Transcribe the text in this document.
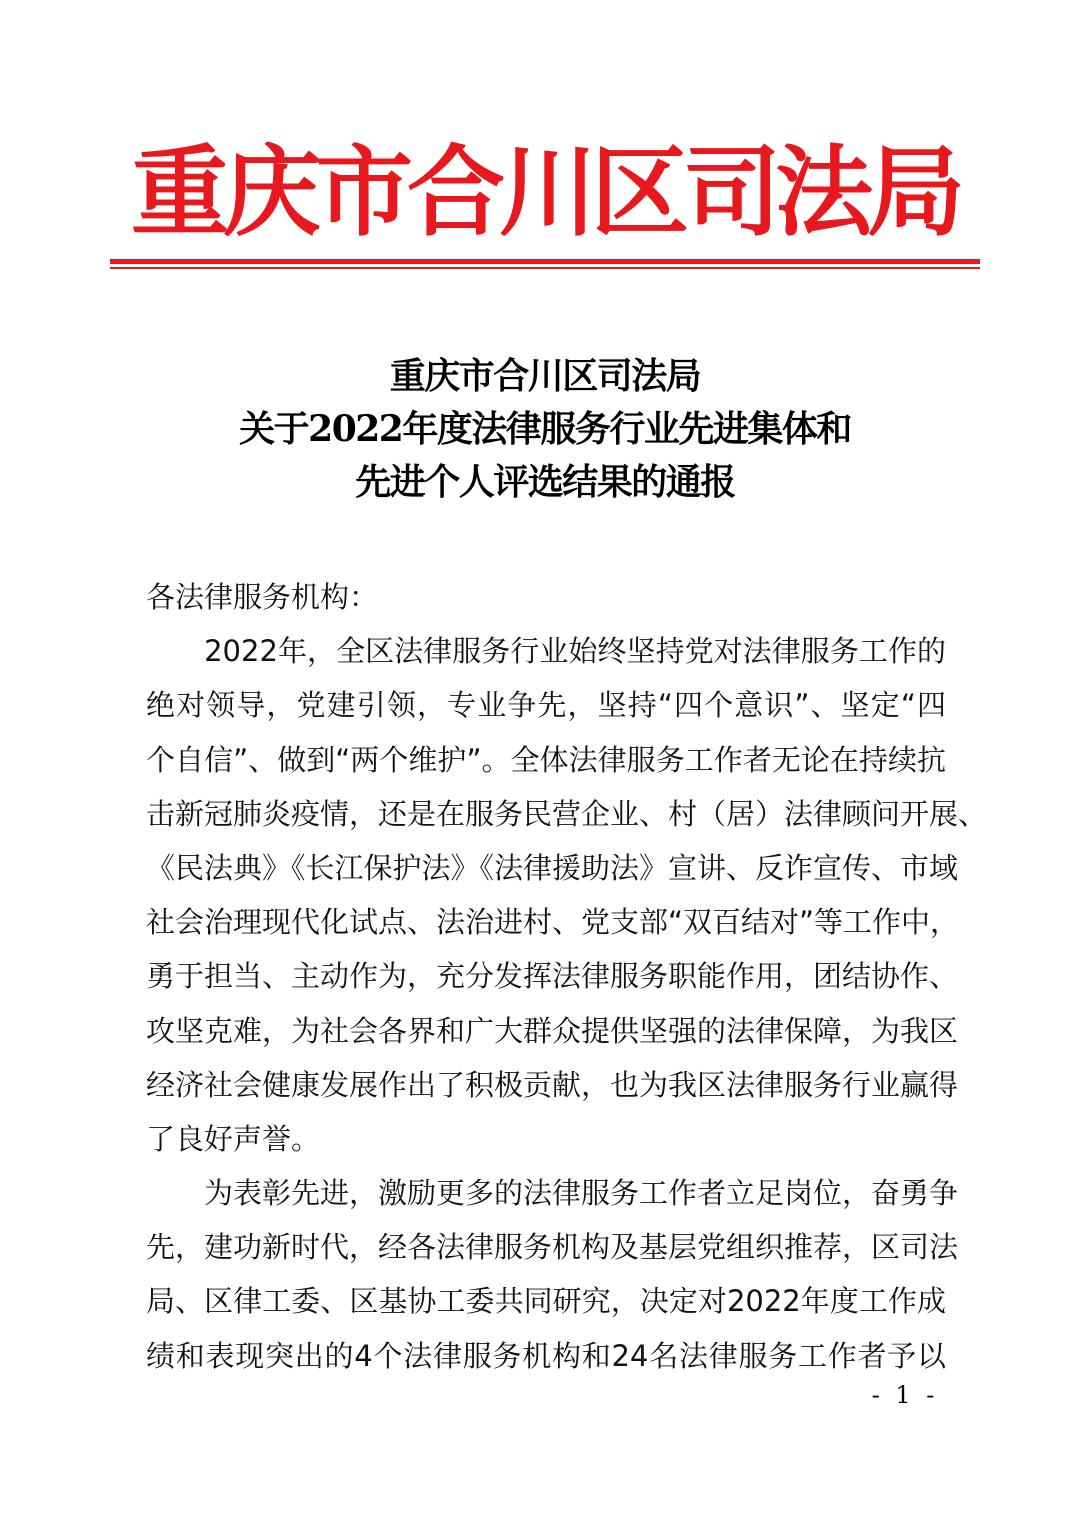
重庆市合川区司法局
重庆市合川区司法局
关于2022年度法律服务行业先进集体和
先进个人评选结果的通报
各法律服务机构：
　　2022年，全区法律服务行业始终坚持党对法律服务工作的
绝对领导，党建引领，专业争先，坚持“四个意识”、坚定“四
个自信”、做到“两个维护”。全体法律服务工作者无论在持续抗
击新冠肺炎疫情，还是在服务民营企业、村（居）法律顾问开展、
《民法典》《长江保护法》《法律援助法》宣讲、反诈宣传、市域
社会治理现代化试点、法治进村、党支部“双百结对”等工作中，
勇于担当、主动作为，充分发挥法律服务职能作用，团结协作、
攻坚克难，为社会各界和广大群众提供坚强的法律保障，为我区
经济社会健康发展作出了积极贡献，也为我区法律服务行业赢得
了良好声誉。
　　为表彰先进，激励更多的法律服务工作者立足岗位，奋勇争
先，建功新时代，经各法律服务机构及基层党组织推荐，区司法
局、区律工委、区基协工委共同研究，决定对2022年度工作成
绩和表现突出的4个法律服务机构和24名法律服务工作者予以
- 1 -
